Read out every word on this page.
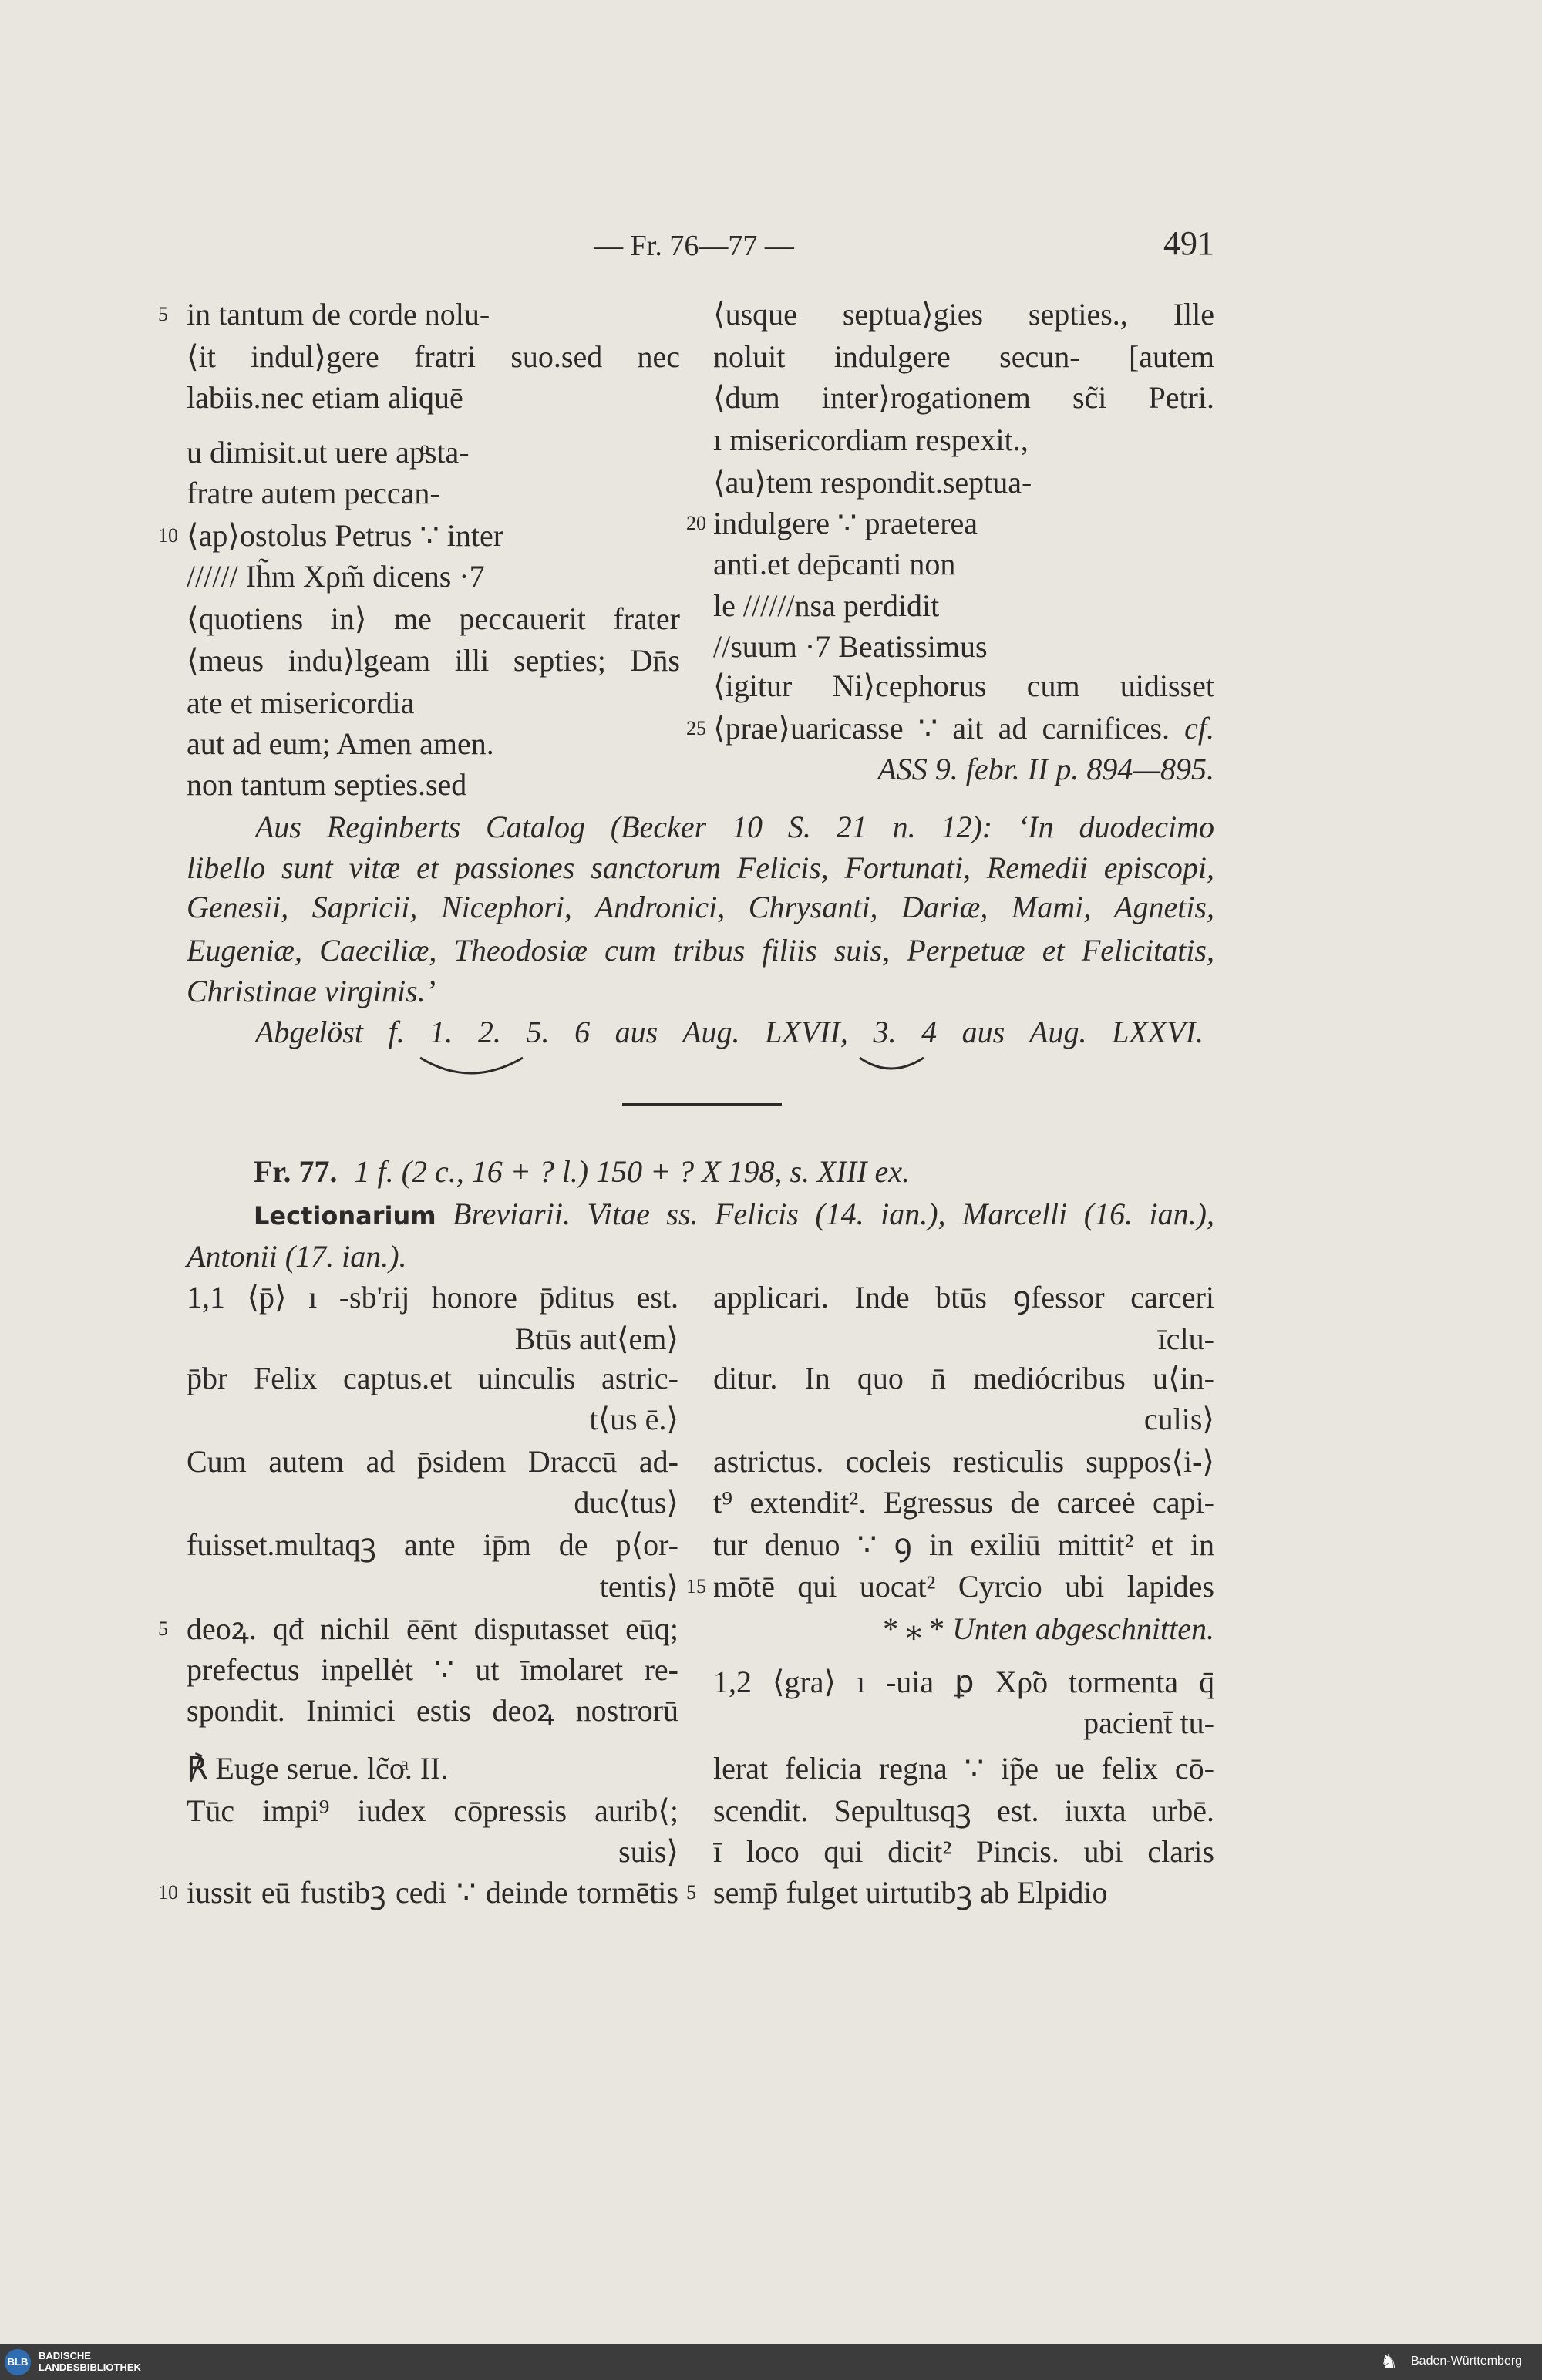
— Fr. 76—77 —	491
in tantum de corde nolu-
5
⟨it indul⟩gere fratri suo.sed nec
labiis.nec etiam aliquē
u dimisit.ut uere apͦsta-
fratre autem peccan-
⟨ap⟩ostolus Petrus ∵ inter
10
////// Ih̃m Xρm̃ dicens ·7
⟨quotiens in⟩ me peccauerit frater
⟨meus indu⟩lgeam illi septies; Dn̄s
ate et misericordia
aut ad eum; Amen amen.
non tantum septies.sed
⟨usque septua⟩gies septies., Ille
noluit indulgere secun- [autem
⟨dum inter⟩rogationem sc̃i Petri.
ı misericordiam respexit.,
⟨au⟩tem respondit.septua-
indulgere ∵ praeterea
20
anti.et dep̄canti non
le //////nsa perdidit
//suum ·7 Beatissimus
⟨igitur Ni⟩cephorus cum uidisset
⟨prae⟩uaricasse ∵ ait ad carnifices. cf.
25
ASS 9. febr. II p. 894—895.
Aus Reginberts Catalog (Becker 10 S. 21 n. 12): ‘In duodecimo
libello sunt vitæ et passiones sanctorum Felicis, Fortunati, Remedii episcopi,
Genesii, Sapricii, Nicephori, Andronici, Chrysanti, Dariæ, Mami, Agnetis,
Eugeniæ, Caeciliæ, Theodosiæ cum tribus filiis suis, Perpetuæ et Felicitatis,
Christinae virginis.’
Abgelöst f. 1. 2. 5. 6 aus Aug. LXVII, 3. 4 aus Aug. LXXVI.
Fr. 77. 1 f. (2 c., 16 + ? l.) 150 + ? X 198, s. XIII ex.
Lectionarium Breviarii. Vitae ss. Felicis (14. ian.), Marcelli (16. ian.),
Antonii (17. ian.).
1,1 ⟨p̄⟩ ı -sb'rij honore p̄ditus est.
Btūs aut⟨em⟩
p̄br Felix captus.et uinculis astric-
t⟨us ē.⟩
Cum autem ad p̄sidem Draccū ad-
duc⟨tus⟩
fuisset.multaqꝫ ante ip̄m de p⟨or-
tentis⟩
deoꝝ. qđ nichil ēēnt disputasset eūq;
5
prefectus inpellėt ∵ ut īmolaret re-
spondit. Inimici estis deoꝝ nostrorū
℟ Euge serue. lc̃oͣ. II.
Tūc impi⁹ iudex cōpressis aurib⟨;
suis⟩
iussit eū fustibꝫ cedi ∵ deinde tormētis
10
applicari. Inde btūs ꝯfessor carceri
īclu-
ditur. In quo n̄ mediócribus u⟨in-
culis⟩
astrictus. cocleis resticulis suppos⟨i-⟩
t⁹ extendit². Egressus de carceė capi-
tur denuo ∵ ꝯ in exiliū mittit² et in
mōtē qui uocat² Cyrcio ubi lapides
15
* ⁎ * Unten abgeschnitten.
1,2 ⟨gra⟩ ı -uia ꝑ Xρ̃o tormenta q̄
pacient̄ tu-
lerat felicia regna ∵ ip̃e ue felix cō-
scendit. Sepultusqꝫ est. iuxta urbē.
ī loco qui dicit² Pincis. ubi claris
semp̄ fulget uirtutibꝫ ab Elpidio
5
BLB
BADISCHE
LANDESBIBLIOTHEK	♞ Baden-Württemberg
